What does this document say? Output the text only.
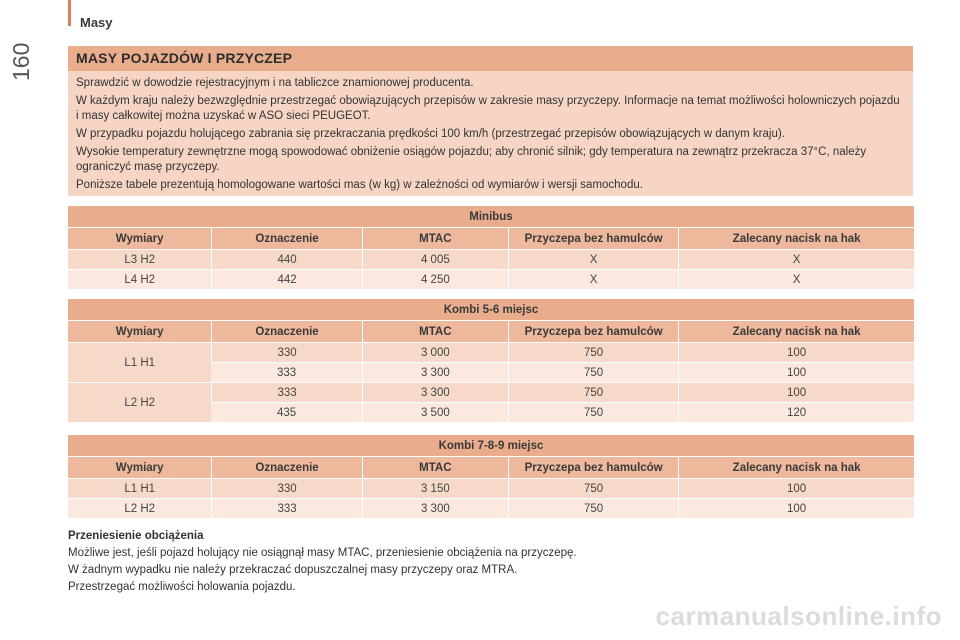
Masy
160	MASY POJAZDÓW I PRZYCZEP

Sprawdzić w dowodzie rejestracyjnym i na tabliczce znamionowej producenta.

W każdym kraju należy bezwzględnie przestrzegać obowiązujących przepisów w zakresie masy przyczepy. Informacje na temat możliwości holowniczych pojazdu i masy całkowitej można uzyskać w ASO sieci PEUGEOT.

W przypadku pojazdu holującego zabrania się przekraczania prędkości 100 km/h (przestrzegać przepisów obowiązujących w danym kraju).

Wysokie temperatury zewnętrzne mogą spowodować obniżenie osiągów pojazdu; aby chronić silnik; gdy temperatura na zewnątrz przekracza 37°C, należy ograniczyć masę przyczepy.

Poniższe tabele prezentują homologowane wartości mas (w kg) w zależności od wymiarów i wersji samochodu.

Minibus				
Wymiary	Oznaczenie	MTAC	Przyczepa bez hamulców	Zalecany nacisk na hak
L3 H2	440	4 005	X	X
L4 H2	442	4 250	X	X
Kombi 5-6 miejsc				
Wymiary	Oznaczenie	MTAC	Przyczepa bez hamulców	Zalecany nacisk na hak
L1 H1	330	3 000	750	100
	333	3 300	750	100
L2 H2	333	3 300	750	100
	435	3 500	750	120
Kombi 7-8-9 miejsc				
Wymiary	Oznaczenie	MTAC	Przyczepa bez hamulców	Zalecany nacisk na hak
L1 H1	330	3 150	750	100
L2 H2	333	3 300	750	100
Przeniesienie obciążenia
Możliwe jest, jeśli pojazd holujący nie osiągnął masy MTAC, przeniesienie obciążenia na przyczepę.
W żadnym wypadku nie należy przekraczać dopuszczalnej masy przyczepy oraz MTRA.
Przestrzegać możliwości holowania pojazdu.
carmanualsonline.info
